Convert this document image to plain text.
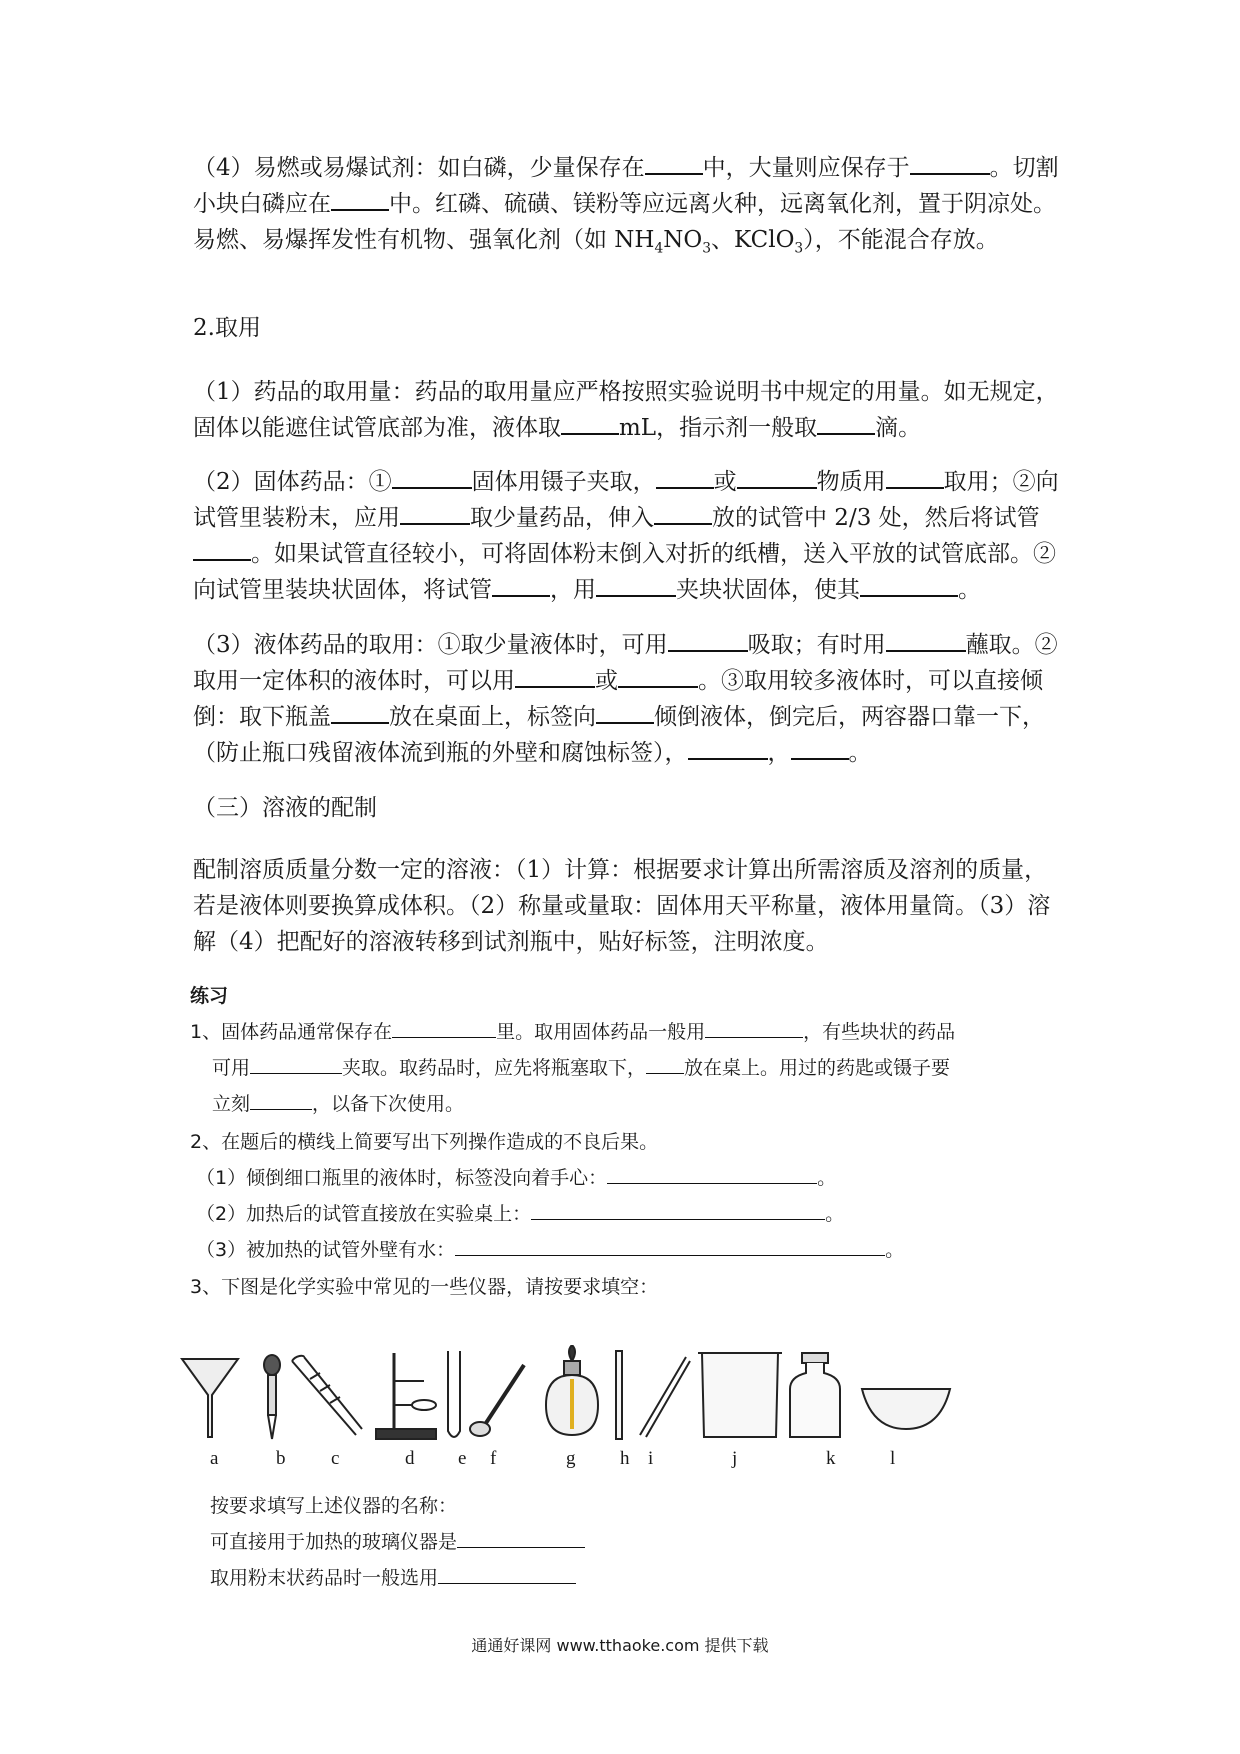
（4）易燃或易爆试剂：如白磷，少量保存在	中，大量则应保存于	。切割小块白磷应在	中。红磷、硫磺、镁粉等应远离火种，远离氧化剂，置于阴凉处。易燃、易爆挥发性有机物、强氧化剂（如 $NH_4NO_3$、KClO$_3$），不能混合存放。
2.取用
（1）药品的取用量：药品的取用量应严格按照实验说明书中规定的用量。如无规定，固体以能遮住试管底部为准，液体取	mL，指示剂一般取	滴。
（2）固体药品：①	固体用镊子夹取，	或	物质用	取用；②向试管里装粉末，应用	取少量药品，伸入	放的试管中 2/3 处，然后将试管。如果试管直径较小，可将固体粉末倒入对折的纸槽，送入平放的试管底部。②向试管里装块状固体，将试管	，用	夹块状固体，使其	。
（3）液体药品的取用：①取少量液体时，可用	吸取；有时用	蘸取。②取用一定体积的液体时，可以用	或	。③取用较多液体时，可以直接倾倒：取下瓶盖	放在桌面上，标签向	倾倒液体，倒完后，两容器口靠一下，（防止瓶口残留液体流到瓶的外壁和腐蚀标签），	，	。
（三）溶液的配制
配制溶质质量分数一定的溶液：（1）计算：根据要求计算出所需溶质及溶剂的质量，若是液体则要换算成体积。（2）称量或量取：固体用天平称量，液体用量筒。（3）溶解（4）把配好的溶液转移到试剂瓶中，贴好标签，注明浓度。
练习
1、固体药品通常保存在	里。取用固体药品一般用	，有些块状的药品
可用	夹取。取药品时，应先将瓶塞取下， 放在桌上。用过的药匙或镊子要
立刻	，以备下次使用。
2、在题后的横线上简要写出下列操作造成的不良后果。
（1）倾倒细口瓶里的液体时，标签没向着手心：	。
（2）加热后的试管直接放在实验桌上：	。
（3）被加热的试管外壁有水：	。
3、下图是化学实验中常见的一些仪器，请按要求填空：
a	b c	d e f	g h i	j	k	l
按要求填写上述仪器的名称：
可直接用于加热的玻璃仪器是
取用粉末状药品时一般选用
通通好课网 www.tthaoke.com 提供下载
